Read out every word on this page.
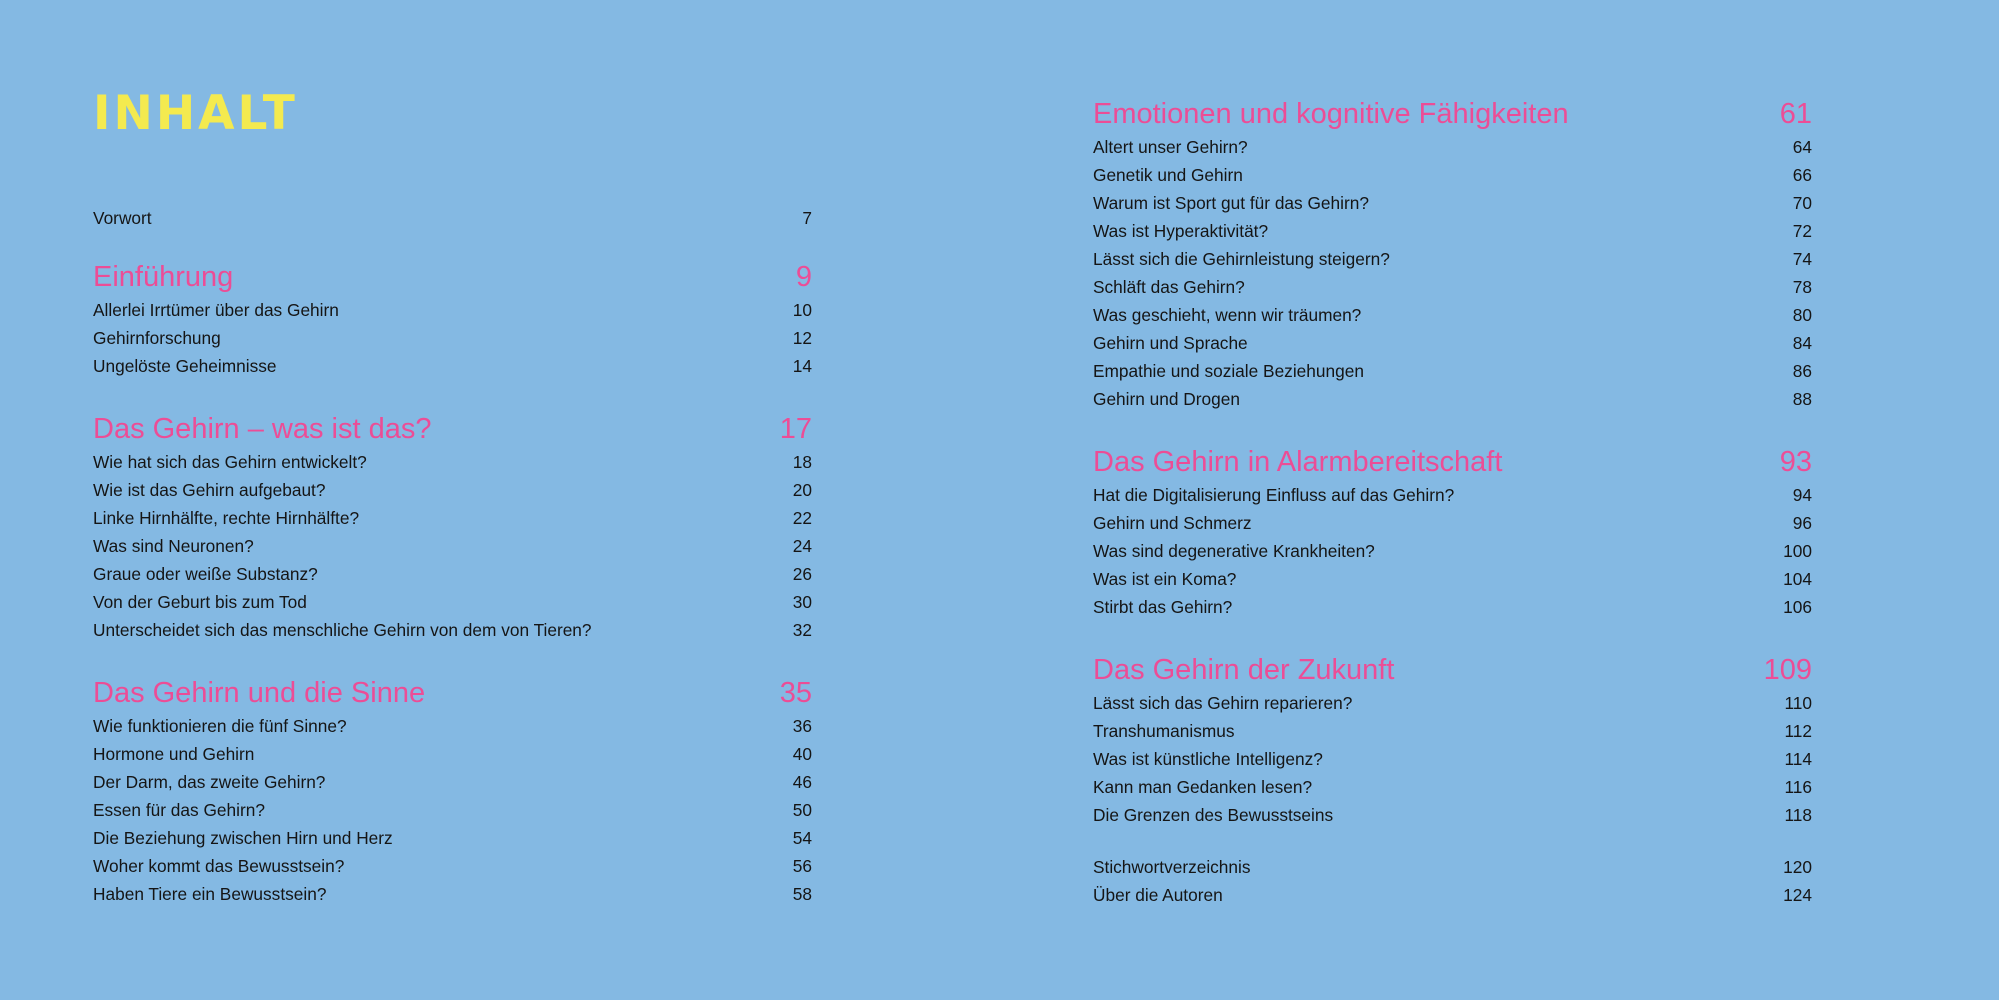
INHALT
Vorwort	7
Einführung	9
Allerlei Irrtümer über das Gehirn	10
Gehirnforschung	12
Ungelöste Geheimnisse	14
Das Gehirn – was ist das?	17
Wie hat sich das Gehirn entwickelt?	18
Wie ist das Gehirn aufgebaut?	20
Linke Hirnhälfte, rechte Hirnhälfte?	22
Was sind Neuronen?	24
Graue oder weiße Substanz?	26
Von der Geburt bis zum Tod	30
Unterscheidet sich das menschliche Gehirn von dem von Tieren?	32
Das Gehirn und die Sinne	35
Wie funktionieren die fünf Sinne?	36
Hormone und Gehirn	40
Der Darm, das zweite Gehirn?	46
Essen für das Gehirn?	50
Die Beziehung zwischen Hirn und Herz	54
Woher kommt das Bewusstsein?	56
Haben Tiere ein Bewusstsein?	58
Emotionen und kognitive Fähigkeiten	61
Altert unser Gehirn?	64
Genetik und Gehirn	66
Warum ist Sport gut für das Gehirn?	70
Was ist Hyperaktivität?	72
Lässt sich die Gehirnleistung steigern?	74
Schläft das Gehirn?	78
Was geschieht, wenn wir träumen?	80
Gehirn und Sprache	84
Empathie und soziale Beziehungen	86
Gehirn und Drogen	88
Das Gehirn in Alarmbereitschaft	93
Hat die Digitalisierung Einfluss auf das Gehirn?	94
Gehirn und Schmerz	96
Was sind degenerative Krankheiten?	100
Was ist ein Koma?	104
Stirbt das Gehirn?	106
Das Gehirn der Zukunft	109
Lässt sich das Gehirn reparieren?	110
Transhumanismus	112
Was ist künstliche Intelligenz?	114
Kann man Gedanken lesen?	116
Die Grenzen des Bewusstseins	118
Stichwortverzeichnis	120
Über die Autoren	124
